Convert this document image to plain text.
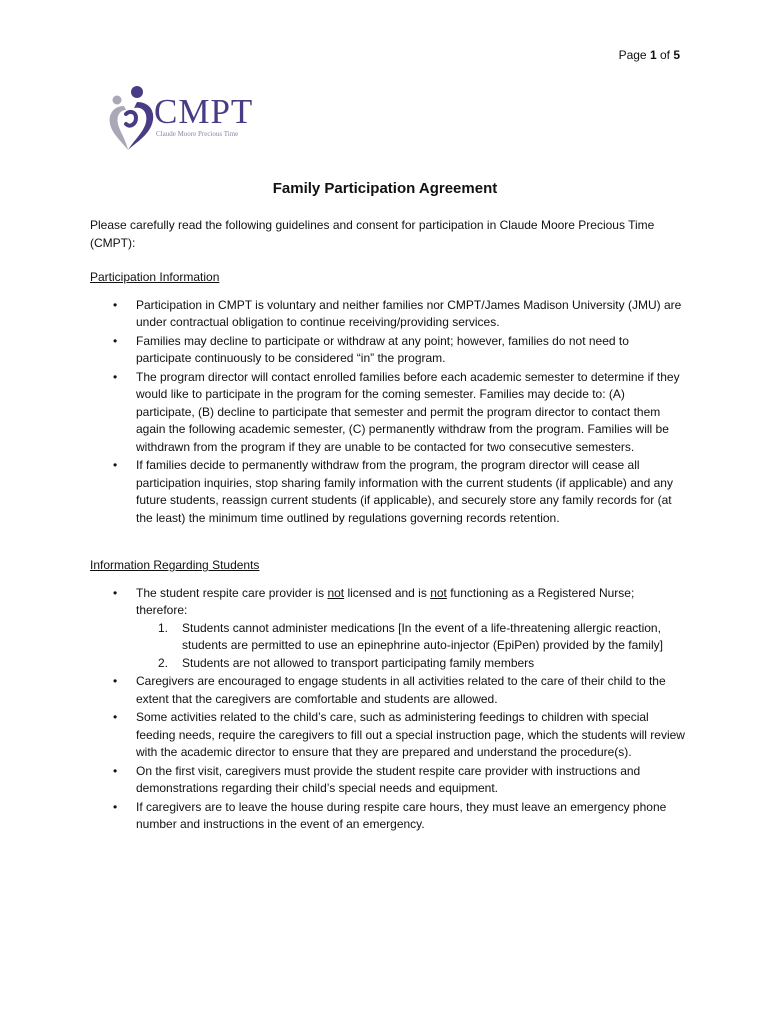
Page 1 of 5
CMPT
Claude Moore Precious Time
Family Participation Agreement

Please carefully read the following guidelines and consent for participation in Claude Moore Precious Time (CMPT):

Participation Information
• Participation in CMPT is voluntary and neither families nor CMPT/James Madison University (JMU) are under contractual obligation to continue receiving/providing services.
• Families may decline to participate or withdraw at any point; however, families do not need to participate continuously to be considered “in” the program.
• The program director will contact enrolled families before each academic semester to determine if they would like to participate in the program for the coming semester. Families may decide to: (A) participate, (B) decline to participate that semester and permit the program director to contact them again the following academic semester, (C) permanently withdraw from the program. Families will be withdrawn from the program if they are unable to be contacted for two consecutive semesters.
• If families decide to permanently withdraw from the program, the program director will cease all participation inquiries, stop sharing family information with the current students (if applicable) and any future students, reassign current students (if applicable), and securely store any family records for (at the least) the minimum time outlined by regulations governing records retention.
Information Regarding Students
• The student respite care provider is not licensed and is not functioning as a Registered Nurse; therefore:
1. Students cannot administer medications [In the event of a life-threatening allergic reaction, students are permitted to use an epinephrine auto-injector (EpiPen) provided by the family]
2. Students are not allowed to transport participating family members
• Caregivers are encouraged to engage students in all activities related to the care of their child to the extent that the caregivers are comfortable and students are allowed.
• Some activities related to the child’s care, such as administering feedings to children with special feeding needs, require the caregivers to fill out a special instruction page, which the students will review with the academic director to ensure that they are prepared and understand the procedure(s).
• On the first visit, caregivers must provide the student respite care provider with instructions and demonstrations regarding their child’s special needs and equipment.
• If caregivers are to leave the house during respite care hours, they must leave an emergency phone number and instructions in the event of an emergency.
